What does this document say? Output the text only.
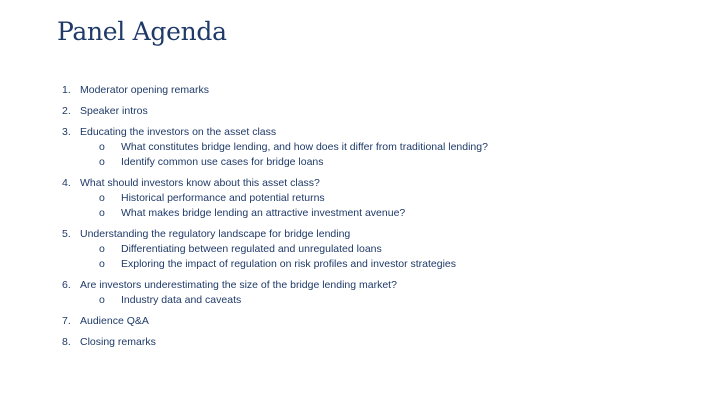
Panel Agenda
1. Moderator opening remarks
2. Speaker intros
3. Educating the investors on the asset class
o	What constitutes bridge lending, and how does it differ from traditional lending?
o	Identify common use cases for bridge loans
4. What should investors know about this asset class?
o	Historical performance and potential returns
o	What makes bridge lending an attractive investment avenue?
5. Understanding the regulatory landscape for bridge lending
o	Differentiating between regulated and unregulated loans
o	Exploring the impact of regulation on risk profiles and investor strategies
6. Are investors underestimating the size of the bridge lending market?
o	Industry data and caveats
7. Audience Q&A
8. Closing remarks
